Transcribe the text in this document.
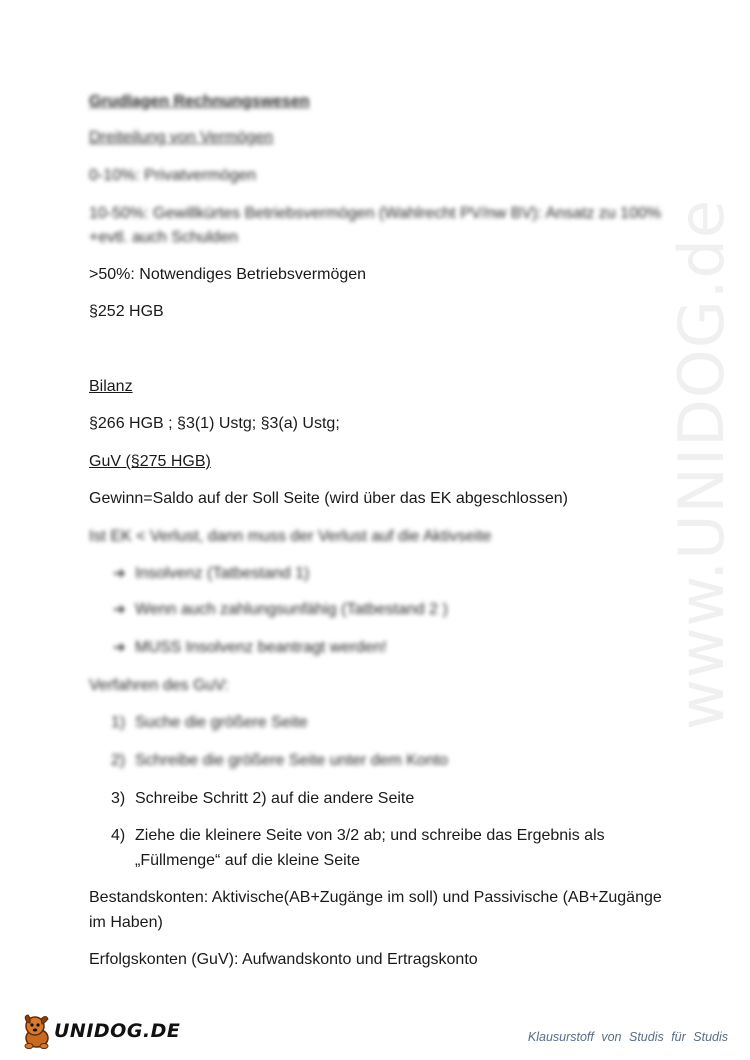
www.UNIDOG.de
Grudlagen Rechnungswesen
Dreiteilung von Vermögen
0-10%: Privatvermögen
10-50%: Gewillkürtes Betriebsvermögen (Wahlrecht PV/nw BV): Ansatz zu 100%
+evtl. auch Schulden
>50%: Notwendiges Betriebsvermögen
§252 HGB
Bilanz
§266 HGB ; §3(1) Ustg; §3(a) Ustg;
GuV (§275 HGB)
Gewinn=Saldo auf der Soll Seite (wird über das EK abgeschlossen)
Ist EK < Verlust, dann muss der Verlust auf die Aktivseite
➔ Insolvenz (Tatbestand 1)
➔ Wenn auch zahlungsunfähig (Tatbestand 2 )
➔ MUSS Insolvenz beantragt werden!
Verfahren des GuV:
1) Suche die größere Seite
2) Schreibe die größere Seite unter dem Konto
3) Schreibe Schritt 2) auf die andere Seite
4) Ziehe die kleinere Seite von 3/2 ab; und schreibe das Ergebnis als
„Füllmenge“ auf die kleine Seite
Bestandskonten: Aktivische(AB+Zugänge im soll) und Passivische (AB+Zugänge
im Haben)
Erfolgskonten (GuV): Aufwandskonto und Ertragskonto
UNIDOG.DE	Klausurstoff von Studis für Studis
